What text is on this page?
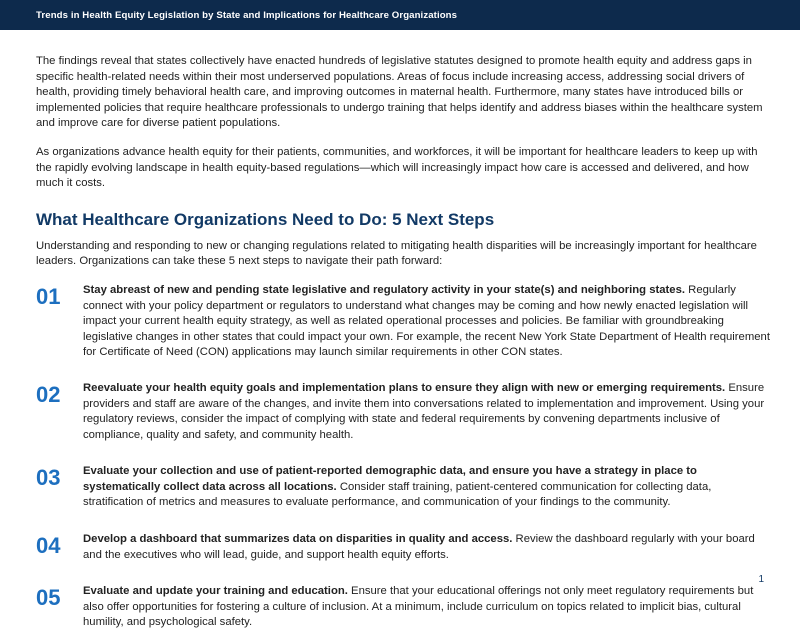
Trends in Health Equity Legislation by State and Implications for Healthcare Organizations

The findings reveal that states collectively have enacted hundreds of legislative statutes designed to promote health equity and address gaps in specific health-related needs within their most underserved populations. Areas of focus include increasing access, addressing social drivers of health, providing timely behavioral health care, and improving outcomes in maternal health. Furthermore, many states have introduced bills or implemented policies that require healthcare professionals to undergo training that helps identify and address biases within the healthcare system and improve care for diverse patient populations.

As organizations advance health equity for their patients, communities, and workforces, it will be important for healthcare leaders to keep up with the rapidly evolving landscape in health equity-based regulations—which will increasingly impact how care is accessed and delivered, and how much it costs.

What Healthcare Organizations Need to Do: 5 Next Steps

Understanding and responding to new or changing regulations related to mitigating health disparities will be increasingly important for healthcare leaders. Organizations can take these 5 next steps to navigate their path forward:

01	Stay abreast of new and pending state legislative and regulatory activity in your state(s) and neighboring states. Regularly connect with your policy department or regulators to understand what changes may be coming and how newly enacted legislation will impact your current health equity strategy, as well as related operational processes and policies. Be familiar with groundbreaking legislative changes in other states that could impact your own. For example, the recent New York State Department of Health requirement for Certificate of Need (CON) applications may launch similar requirements in other CON states.
02	Reevaluate your health equity goals and implementation plans to ensure they align with new or emerging requirements. Ensure providers and staff are aware of the changes, and invite them into conversations related to implementation and improvement. Using your regulatory reviews, consider the impact of complying with state and federal requirements by convening departments inclusive of compliance, quality and safety, and community health.
03	Evaluate your collection and use of patient-reported demographic data, and ensure you have a strategy in place to systematically collect data across all locations. Consider staff training, patient-centered communication for collecting data, stratification of metrics and measures to evaluate performance, and communication of your findings to the community.
04	Develop a dashboard that summarizes data on disparities in quality and access. Review the dashboard regularly with your board and the executives who will lead, guide, and support health equity efforts.
05	Evaluate and update your training and education. Ensure that your educational offerings not only meet regulatory requirements but also offer opportunities for fostering a culture of inclusion. At a minimum, include curriculum on topics related to implicit bias, cultural humility, and psychological safety.
1
